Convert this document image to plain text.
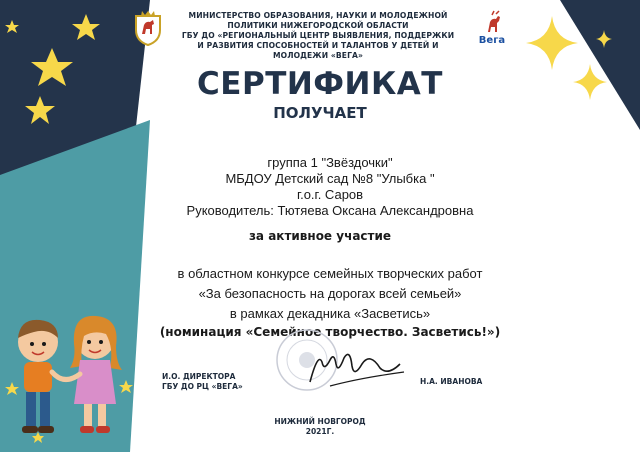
МИНИСТЕРСТВО ОБРАЗОВАНИЯ, НАУКИ И МОЛОДЕЖНОЙ
ПОЛИТИКИ НИЖЕГОРОДСКОЙ ОБЛАСТИ
ГБУ ДО «РЕГИОНАЛЬНЫЙ ЦЕНТР ВЫЯВЛЕНИЯ, ПОДДЕРЖКИ
И РАЗВИТИЯ СПОСОБНОСТЕЙ И ТАЛАНТОВ У ДЕТЕЙ И
МОЛОДЕЖИ «ВЕГА»
Вега
СЕРТИФИКАТ
ПОЛУЧАЕТ
группа 1 "Звёздочки"
МБДОУ Детский сад №8 "Улыбка "
г.о.г. Саров
Руководитель: Тютяева Оксана Александровна
за активное участие
в областном конкурсе семейных творческих работ
«За безопасность на дорогах всей семьей»
в рамках декадника «Засветись»
(номинация «Семейное творчество. Засветись!»)
И.О. ДИРЕКТОРА
ГБУ ДО РЦ «ВЕГА»
Н.А. ИВАНОВА
НИЖНИЙ НОВГОРОД
2021Г.
